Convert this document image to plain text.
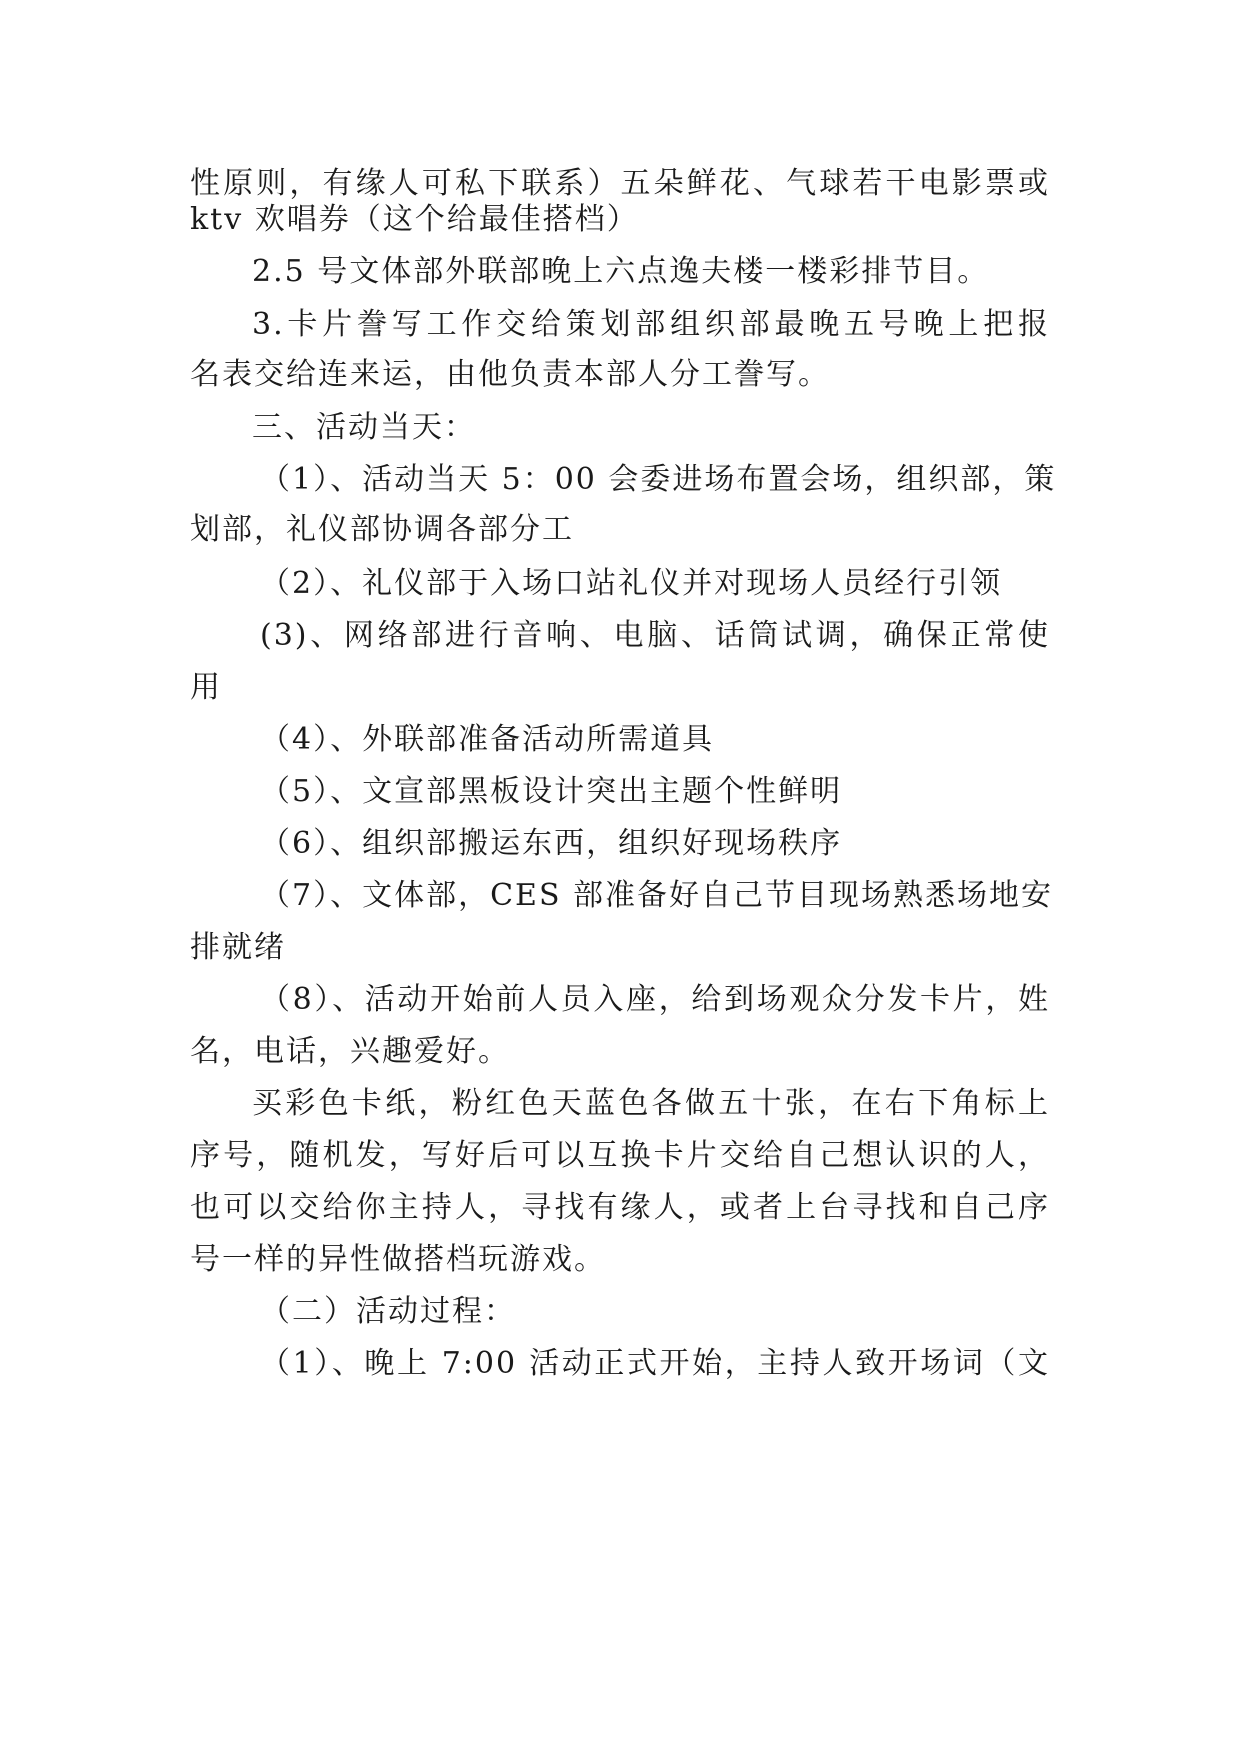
性原则，有缘人可私下联系）五朵鲜花、气球若干电影票或
ktv 欢唱券（这个给最佳搭档）
2.5 号文体部外联部晚上六点逸夫楼一楼彩排节目。
3.卡片誊写工作交给策划部组织部最晚五号晚上把报
名表交给连来运，由他负责本部人分工誊写。
三、活动当天：
（1）、活动当天 5：00 会委进场布置会场，组织部，策
划部，礼仪部协调各部分工
（2）、礼仪部于入场口站礼仪并对现场人员经行引领
(3)、网络部进行音响、电脑、话筒试调，确保正常使
用
（4）、外联部准备活动所需道具
（5）、文宣部黑板设计突出主题个性鲜明
（6）、组织部搬运东西，组织好现场秩序
（7）、文体部，CES 部准备好自己节目现场熟悉场地安
排就绪
（8）、活动开始前人员入座，给到场观众分发卡片，姓
名，电话，兴趣爱好。
买彩色卡纸，粉红色天蓝色各做五十张，在右下角标上
序号，随机发，写好后可以互换卡片交给自己想认识的人，
也可以交给你主持人，寻找有缘人，或者上台寻找和自己序
号一样的异性做搭档玩游戏。
（二）活动过程：
（1）、晚上 7:00 活动正式开始，主持人致开场词（文
